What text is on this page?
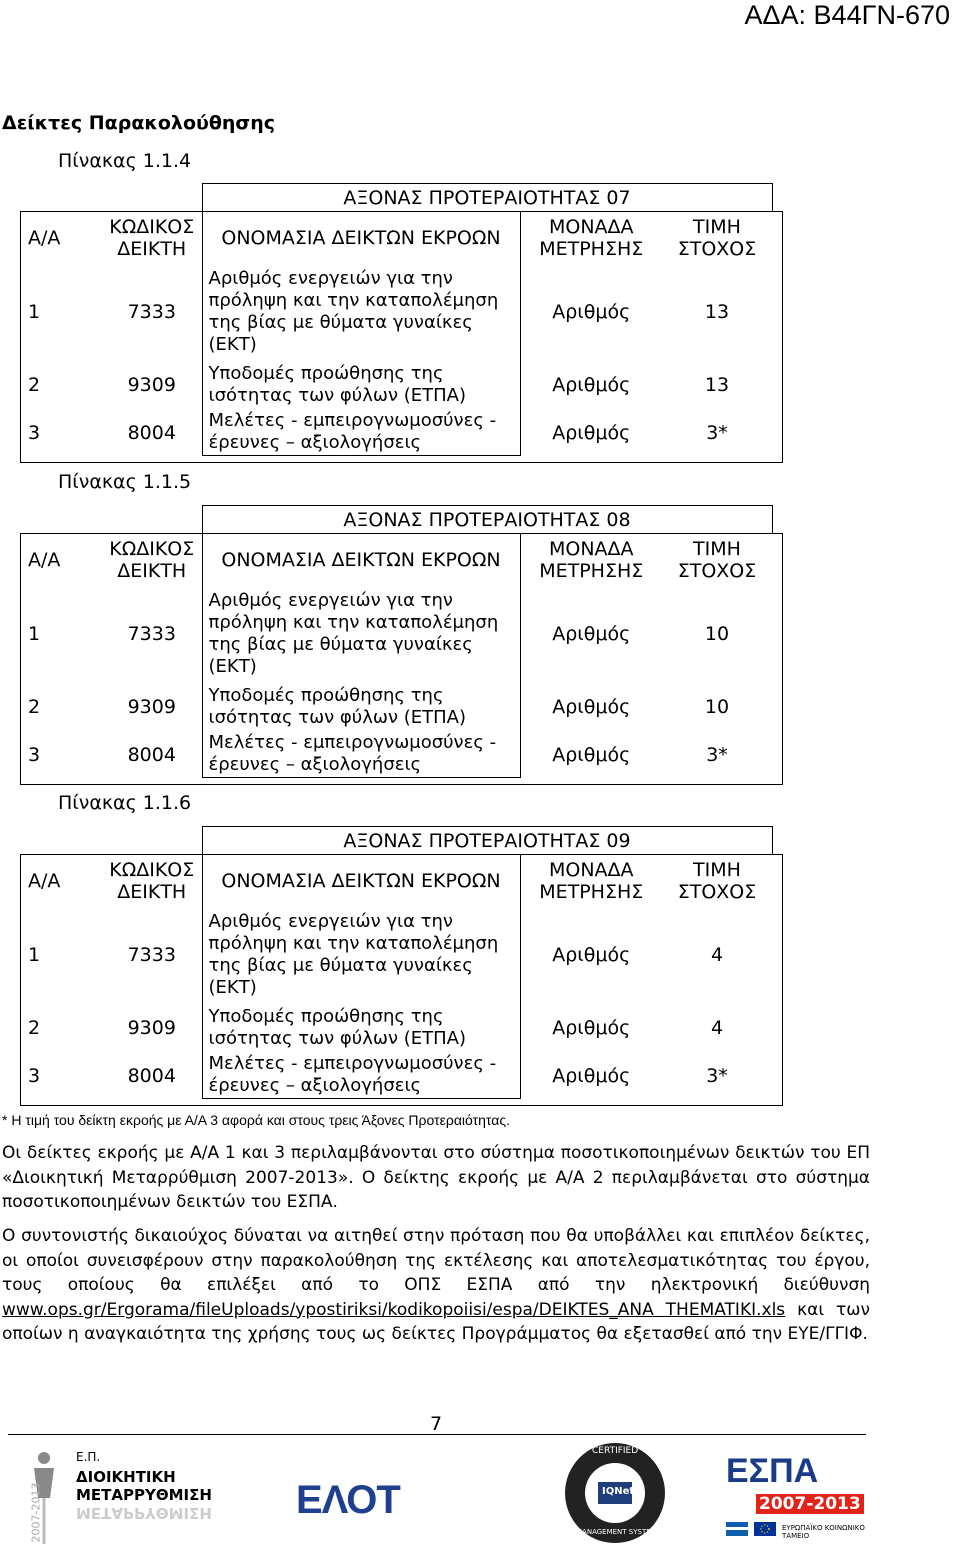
ΑΔΑ: Β44ΓΝ-670
Δείκτες Παρακολούθησης
Πίνακας 1.1.4
		ΑΞΟΝΑΣ ΠΡΟΤΕΡΑΙΟΤΗΤΑΣ 07		
Α/Α	ΚΩΔΙΚΟΣ ΔΕΙΚΤΗ	ΟΝΟΜΑΣΙΑ ΔΕΙΚΤΩΝ ΕΚΡΟΩΝ	ΜΟΝΑΔΑ ΜΕΤΡΗΣΗΣ	ΤΙΜΗ ΣΤΟΧΟΣ
1	7333	Αριθμός ενεργειών για την πρόληψη και την καταπολέμηση της βίας με θύματα γυναίκες (ΕΚΤ)	Αριθμός	13
2	9309	Υποδομές προώθησης της ισότητας των φύλων (ΕΤΠΑ)	Αριθμός	13
3	8004	Μελέτες - εμπειρογνωμοσύνες - έρευνες – αξιολογήσεις	Αριθμός	3*
Πίνακας 1.1.5
		ΑΞΟΝΑΣ ΠΡΟΤΕΡΑΙΟΤΗΤΑΣ 08		
Α/Α	ΚΩΔΙΚΟΣ ΔΕΙΚΤΗ	ΟΝΟΜΑΣΙΑ ΔΕΙΚΤΩΝ ΕΚΡΟΩΝ	ΜΟΝΑΔΑ ΜΕΤΡΗΣΗΣ	ΤΙΜΗ ΣΤΟΧΟΣ
1	7333	Αριθμός ενεργειών για την πρόληψη και την καταπολέμηση της βίας με θύματα γυναίκες (ΕΚΤ)	Αριθμός	10
2	9309	Υποδομές προώθησης της ισότητας των φύλων (ΕΤΠΑ)	Αριθμός	10
3	8004	Μελέτες - εμπειρογνωμοσύνες - έρευνες – αξιολογήσεις	Αριθμός	3*
Πίνακας 1.1.6
		ΑΞΟΝΑΣ ΠΡΟΤΕΡΑΙΟΤΗΤΑΣ 09		
Α/Α	ΚΩΔΙΚΟΣ ΔΕΙΚΤΗ	ΟΝΟΜΑΣΙΑ ΔΕΙΚΤΩΝ ΕΚΡΟΩΝ	ΜΟΝΑΔΑ ΜΕΤΡΗΣΗΣ	ΤΙΜΗ ΣΤΟΧΟΣ
1	7333	Αριθμός ενεργειών για την πρόληψη και την καταπολέμηση της βίας με θύματα γυναίκες (ΕΚΤ)	Αριθμός	4
2	9309	Υποδομές προώθησης της ισότητας των φύλων (ΕΤΠΑ)	Αριθμός	4
3	8004	Μελέτες - εμπειρογνωμοσύνες - έρευνες – αξιολογήσεις	Αριθμός	3*
* Η τιμή του δείκτη εκροής με Α/Α 3 αφορά και στους τρεις Άξονες Προτεραιότητας.
Οι δείκτες εκροής με Α/Α 1 και 3 περιλαμβάνονται στο σύστημα ποσοτικοποιημένων δεικτών του ΕΠ «Διοικητική Μεταρρύθμιση 2007-2013». Ο δείκτης εκροής με Α/Α 2 περιλαμβάνεται στο σύστημα ποσοτικοποιημένων δεικτών του ΕΣΠΑ.
Ο συντονιστής δικαιούχος δύναται να αιτηθεί στην πρόταση που θα υποβάλλει και επιπλέον δείκτες, οι οποίοι συνεισφέρουν στην παρακολούθηση της εκτέλεσης και αποτελεσματικότητας του έργου, τους οποίους θα επιλέξει από το ΟΠΣ ΕΣΠΑ από την ηλεκτρονική διεύθυνση www.ops.gr/Ergorama/fileUploads/ypostiriksi/kodikopoiisi/espa/DEIKTES_ANA THEMATIKI.xls και των οποίων η αναγκαιότητα της χρήσης τους ως δείκτες Προγράμματος θα εξετασθεί από την ΕΥΕ/ΓΓΙΦ.
7
Ε.Π.
ΔΙΟΙΚΗΤΙΚΗ
ΜΕΤΑΡΡΥΘΜΙΣΗ
ΜΕΤΑΡΡΥΘΜΙΣΗ
2007-2013	ΕΛΟΤ
CERTIFIED
IQNet
MANAGEMENT SYSTEM
ΕΣΠΑ
2007-2013
ΕΥΡΩΠΑΪΚΟ ΚΟΙΝΩΝΙΚΟ ΤΑΜΕΙΟ
